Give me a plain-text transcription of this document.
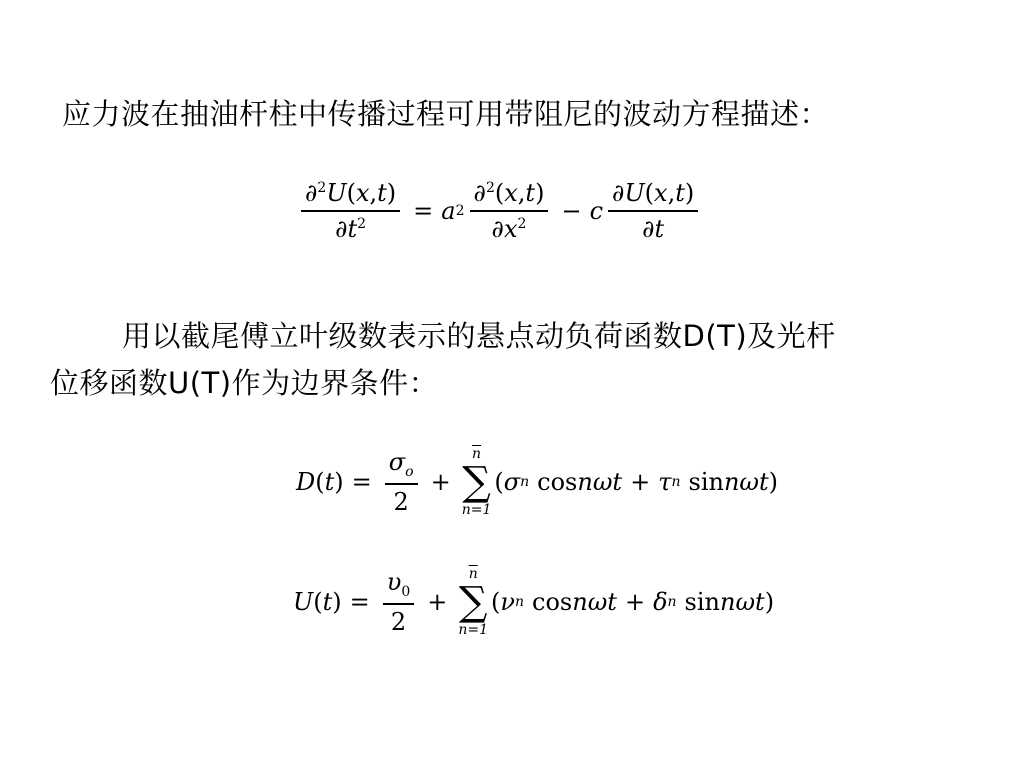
应力波在抽油杆柱中传播过程可用带阻尼的波动方程描述：
$\frac{\partial^2U(x,t)}{\partial t^2} = a$ $2 \frac{\partial^2(x,t)}{\partial x^2} - c \frac{\partial U(x,t)}{\partial t}$
用以截尾傅立叶级数表示的悬点动负荷函数D(T)及光杆
位移函数U(T)作为边界条件：
D ( t ) = $\frac{\sigma_o}{2}$ +
$\overline{n}$
∑
n=1
( σ n cos n ω t + τ n sin n ω t )
U ( t ) = $\frac{\upsilon_0}{2}$ +
$\overline{n}$
∑
n=1
( ν n cos n ω t + δ n sin n ω t )
